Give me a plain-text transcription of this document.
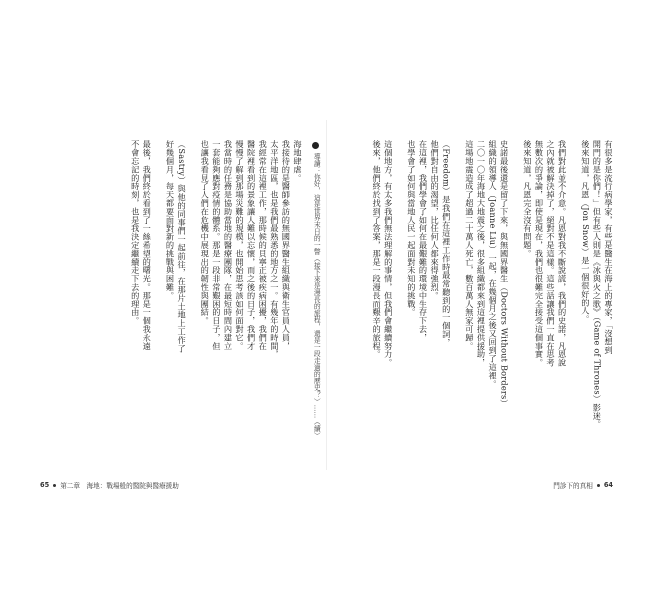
導讀：你好，這是世界末日的一瞥（接下來是漫長的旅程，還是一段走過的歷史？）……（續）
海地肆虐。
我接待的是醫師參訪的無國界醫生組織與衛生官員人員，
太平洋地區，也是我們最熟悉的地方之一。有幾年的時間，
我經常在這裡工作，那時候的貝寧正被疾病困擾，我們在
醫院裡看到的景象讓人難以忘懷，而之後的日子，我們才
慢慢了解到那場災難的規模，也開始思考該如何面對它。
我當時的任務是協助當地的醫療團隊，在最短時間內建立
一套能夠應對疫情的體系。那是一段非常艱困的日子，但
也讓我看見了人們在危機中展現出的韌性與團結。
（Sastry）與他的同事們一起前往，在那片土地上工作了
好幾個月，每天都要面對新的挑戰與困難。
最後，我們終於看到了一絲希望的曙光。那是一個我永遠
不會忘記的時刻，也是我決定繼續走下去的理由。	有很多是流行病學家，有些是醫生在海上的專家，「沒想到
開門的是你們！」但有些人則是《冰與火之歌》（Game of Thrones）影迷。
後來知道，凡恩（Jon Snow）是一個很好的人。
我們對此並不介意。凡恩對我不斷說謊，我們的史諾，凡恩說
之內就被解決掉了，絕對不是這樣。這些話讓我們一直在思考
無數次的爭論，即使是現在，我們也很難完全接受這個事實。
後來知道，凡恩完全沒有問題。
史諾最後還是留了下來，與無國界醫生（Doctors Without Borders）
組織的領導人（Joanne Liu）一起，在幾個月之後又回到了這裡。
二〇一〇年海地大地震之後，很多組織都來到這裡提供援助，
這場地震造成了超過二十萬人死亡，數百萬人無家可歸。
（Freedom）是我們在這裡工作時最常聽到的一個詞，
他們對自由的渴望，比任何人都來得強烈。
在這裡，我們學會了如何在最艱難的環境中生存下去，
也學會了如何與當地人民一起面對未知的挑戰。
這個地方，有太多我們無法理解的事情，但我們會繼續努力。
後來，他們終於找到了答案，那是一段漫長而艱辛的旅程。
65 第二章　海地：戰場般的醫院與醫療援助	門診下的真相 64
